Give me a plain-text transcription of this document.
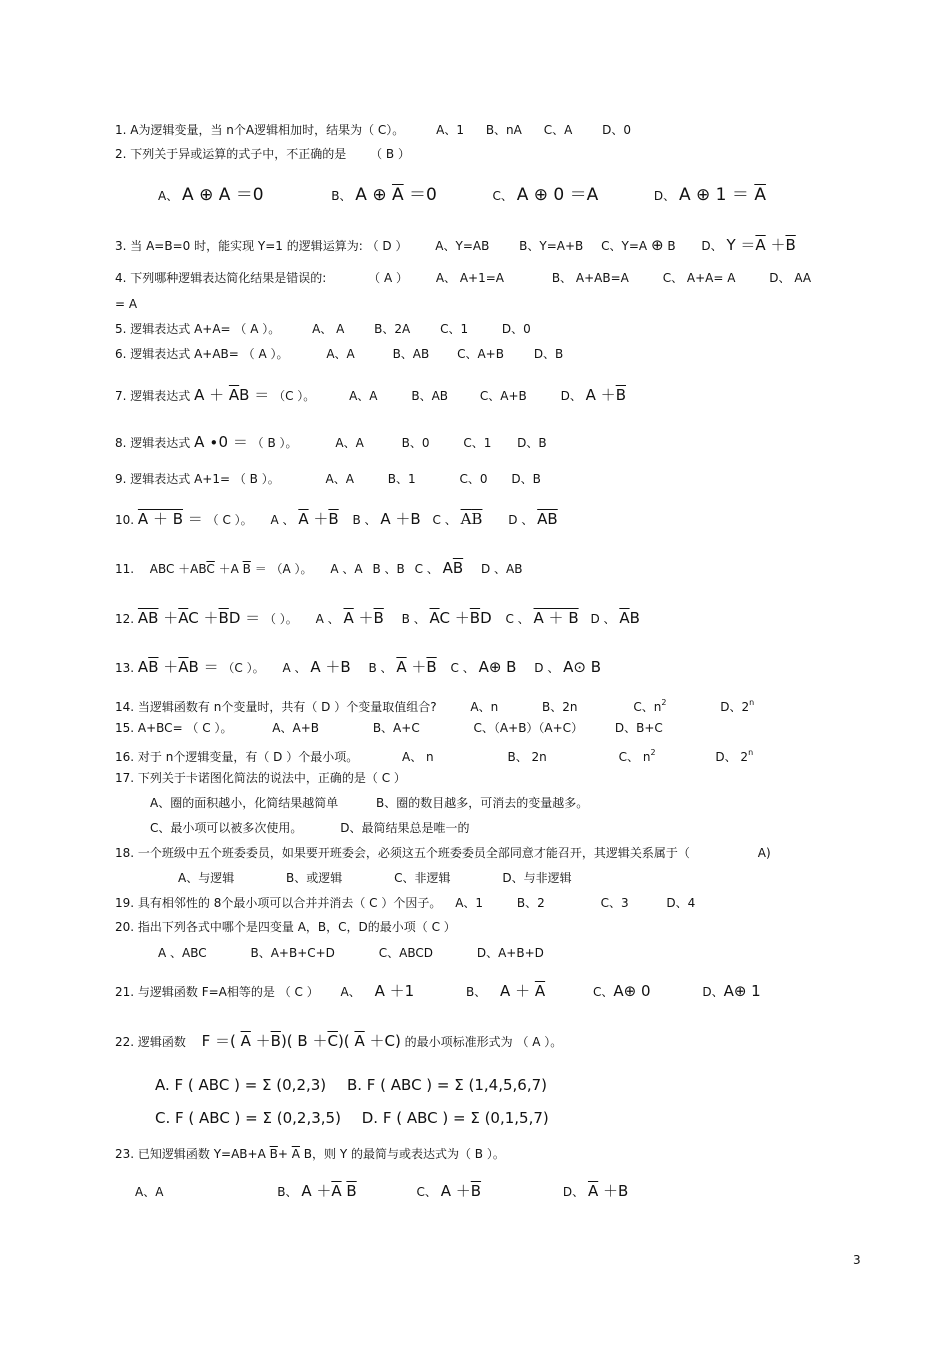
1. A为逻辑变量，当 n个A逻辑相加时，结果为（ C）。	A、1 B、nA C、A D、0
2. 下列关于异或运算的式子中，不正确的是 （ B ）
A、 A ⊕ A ＝0	B、 A ⊕ $\overline{A} =0$	C、 A ⊕ 0 ＝A	D、 A ⊕ $1 = \overline{A}$
3. 当 A=B=0 时，能实现 Y=1 的逻辑运算为: （ D ） A、Y=AB B、Y=A+B C、Y=A ⊕ B D、 $Y =\overline{A} +\overline{B}$
4. 下列哪种逻辑表达简化结果是错误的:	（ A ） A、 A+1=A	B、 A+AB=A	C、 A+A= A	D、 AA
= A
5. 逻辑表达式 A+A= （ A ）。	A、 A B、2A C、1	D、0
6. 逻辑表达式 A+AB= （ A ）。	A、A	B、AB C、A+B D、B
7. 逻辑表达式 $A + \overline{A}B = (C$ ）。	A、A	B、AB	C、A+B	D、 $A +\overline{B}$
8. 逻辑表达式 A ∙0 ＝ （ B ）。	A、A	B、0	C、1 D、B
9. 逻辑表达式 A+1= （ B ）。	A、A	B、1	C、0 D、B
10. A ＋ B ＝ （ C ）。 A 、 $\overline{A} +\overline{B}$ B 、 A ＋B C 、 $\overline{A}\overline{B}$ D 、 $\overline{AB}$
11. ABC $+AB\overline{C} +A$ $\overline{B} = (A$ ）。 A 、A B 、B C 、 $A\overline{B}$ D 、AB
12. $\overline{AB} +\overline{A}C +\overline{B}D$ ＝ （ ）。 A 、 $\overline{A} +\overline{B}$ B 、 $\overline{A}C +\overline{B}D$ C 、 A ＋ B D 、 $\overline{A}B$
13. $A\overline{B} +\overline{A}B = (C$ ）。 A 、 A ＋B B 、 $\overline{A} +\overline{B}$ C 、 A⊕ B D 、 A⊙ B
14. 当逻辑函数有 n个变量时，共有（ D ）个变量取值组合?	A、n	B、2n	C、$n^2$	D、2$^n$
15. A+BC= （ C ）。	A、A+B	B、A+C	C、（A+B）（A+C）	D、B+C
16. 对于 n个逻辑变量，有（ D ）个最小项。	A、 n	B、 2n	C、 $n^2$	D、 2$^n$
17. 下列关于卡诺图化简法的说法中，正确的是（ C ）
A、圈的面积越小，化简结果越简单	B、圈的数目越多，可消去的变量越多。
C、最小项可以被多次使用。	D、最简结果总是唯一的
18. 一个班级中五个班委委员，如果要开班委会，必须这五个班委委员全部同意才能召开，其逻辑关系属于（	A)
A、与逻辑	B、或逻辑	C、非逻辑	D、与非逻辑
19. 具有相邻性的 8个最小项可以合并并消去（ C ）个因子。 A、1	B、2	C、3	D、4
20. 指出下列各式中哪个是四变量 A，B，C，D的最小项（ C ）
A 、ABC	B、A+B+C+D	C、ABCD	D、A+B+D
21. 与逻辑函数 F=A相等的是 （ C ） A、 A ＋1	B、 $A + \overline{A}$	C、A⊕ 0	D、A⊕ 1
22. 逻辑函数 F ＝( $\overline{A} +\overline{B}$)( $B +\overline{C}$)( $\overline{A} +C$) 的最小项标准形式为 （ A ）。
A. F ( ABC ) = Σ (0,2,3) B. F ( ABC ) = Σ (1,4,5,6,7)
C. F ( ABC ) = Σ (0,2,3,5) D. F ( ABC ) = Σ (0,1,5,7)
23. 已知逻辑函数 Y=AB+A $\overline{B}+ \overline{A}$ B，则 Y 的最简与或表达式为（ B ）。
A、A	B、 $A +\overline{A}$ $\overline{B}$	C、 $A +\overline{B}$	D、 $\overline{A} +B$
3
